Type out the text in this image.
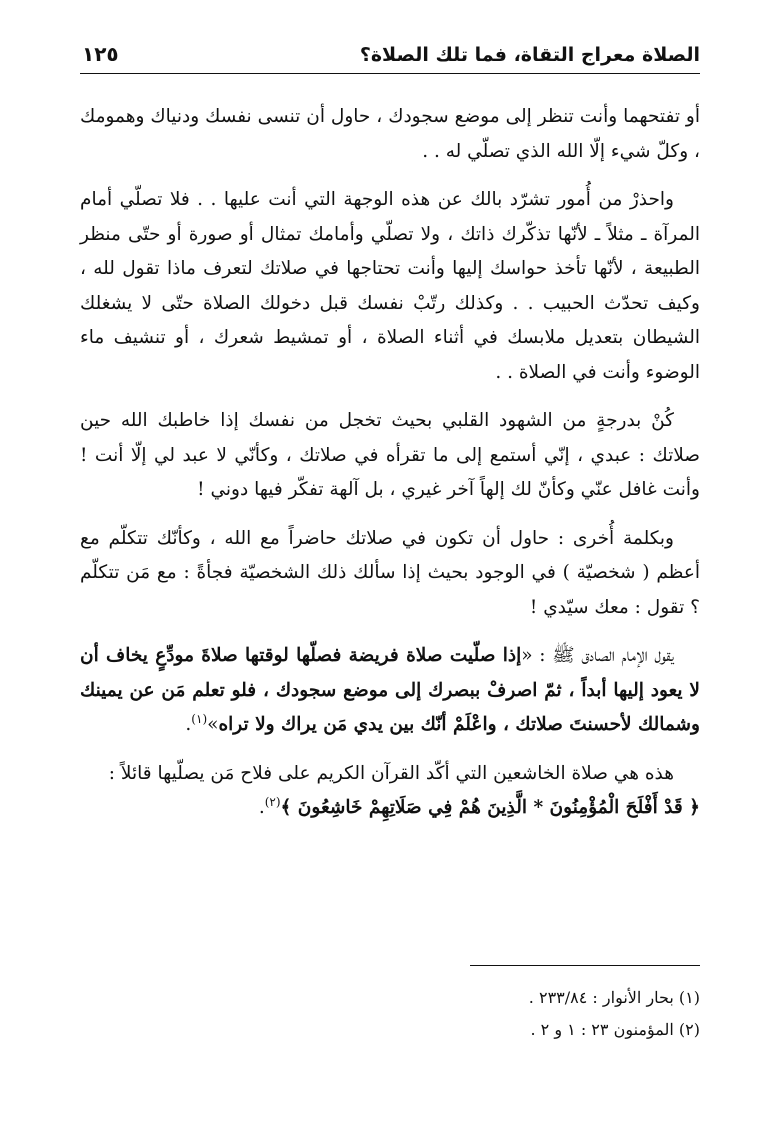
الصلاة معراج التقاة، فما تلك الصلاة؟
١٢٥

أو تفتحهما وأنت تنظر إلى موضع سجودك ، حاول أن تنسى نفسك ودنياك وهمومك ، وكلّ شيء إلّا الله الذي تصلّي له . .

واحذرْ من أُمور تشرّد بالك عن هذه الوجهة التي أنت عليها . . فلا تصلّي أمام المرآة ـ مثلاً ـ لأنّها تذكّرك ذاتك ، ولا تصلّي وأمامك تمثال أو صورة أو حتّى منظر الطبيعة ، لأنّها تأخذ حواسك إليها وأنت تحتاجها في صلاتك لتعرف ماذا تقول لله ، وكيف تحدّث الحبيب . . وكذلك رتّبْ نفسك قبل دخولك الصلاة حتّى لا يشغلك الشيطان بتعديل ملابسك في أثناء الصلاة ، أو تمشيط شعرك ، أو تنشيف ماء الوضوء وأنت في الصلاة . .

كُنْ بدرجةٍ من الشهود القلبي بحيث تخجل من نفسك إذا خاطبك الله حين صلاتك : عبدي ، إنّي أستمع إلى ما تقرأه في صلاتك ، وكأنّي لا عبد لي إلّا أنت ! وأنت غافل عنّي وكأنّ لك إلهاً آخر غيري ، بل آلهة تفكّر فيها دوني !

وبكلمة أُخرى : حاول أن تكون في صلاتك حاضراً مع الله ، وكأنّك تتكلّم مع أعظم ( شخصيّة ) في الوجود بحيث إذا سألك ذلك الشخصيّة فجأةً : مع مَن تتكلّم ؟ تقول : معك سيّدي !

يقول الإمام الصادق ﷺ : «إذا صلّيت صلاة فريضة فصلّها لوقتها صلاةَ مودِّعٍ يخاف أن لا يعود إليها أبداً ، ثمّ اصرفْ ببصرك إلى موضع سجودك ، فلو تعلم مَن عن يمينك وشمالك لأحسنتَ صلاتك ، واعْلَمْ أنّك بين يدي مَن يراك ولا تراه»$^{(١)}$.

هذه هي صلاة الخاشعين التي أكّد القرآن الكريم على فلاح مَن يصلّيها قائلاً :
﴿ قَدْ أَفْلَحَ الْمُؤْمِنُونَ * الَّذِينَ هُمْ فِي صَلَاتِهِمْ خَاشِعُونَ ﴾$^{(٢)}$.

(١) بحار الأنوار : ٢٣٣/٨٤ .
(٢) المؤمنون ٢٣ : ١ و ٢ .
